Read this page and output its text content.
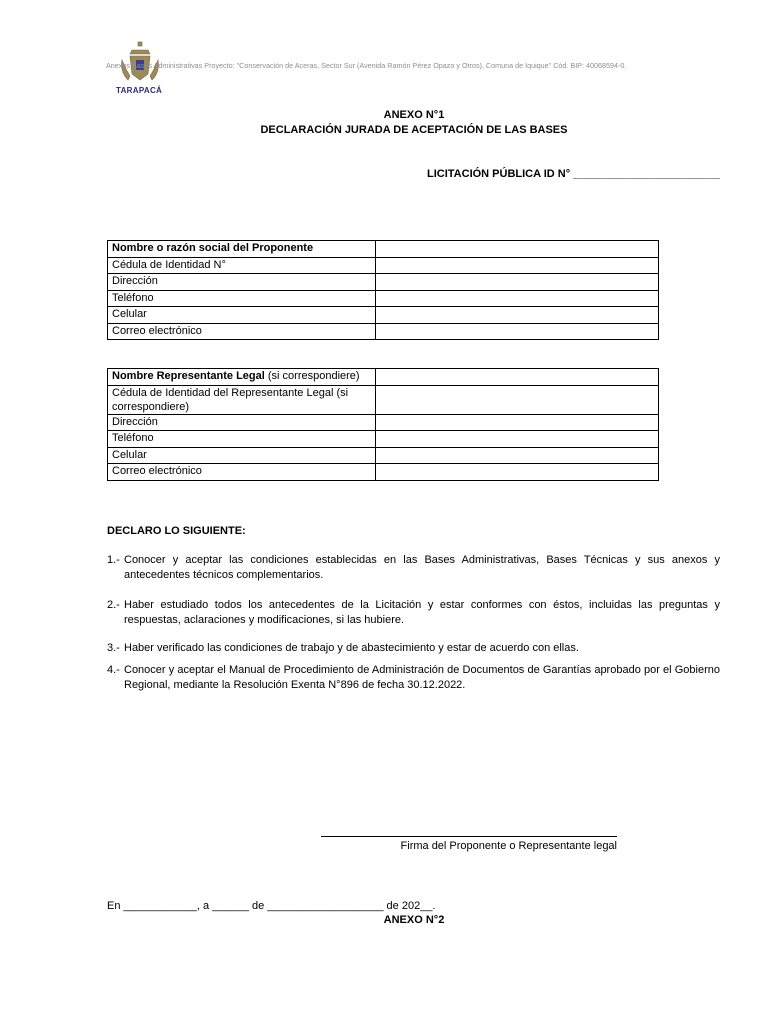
TARAPACÁ
Anexos Bases Administrativas Proyecto: "Conservación de Aceras, Sector Sur (Avenida Ramón Pérez Opazo y Otros), Comuna de Iquique" Cód. BIP: 40068594-0.
ANEXO N°1
DECLARACIÓN JURADA DE ACEPTACIÓN DE LAS BASES
LICITACIÓN PÚBLICA ID N° ________________________
Nombre o razón social del Proponente	
Cédula de Identidad N°	
Dirección	
Teléfono	
Celular	
Correo electrónico	
Nombre Representante Legal (si correspondiere)	
Cédula de Identidad del Representante Legal (si correspondiere)	
Dirección	
Teléfono	
Celular	
Correo electrónico	
DECLARO LO SIGUIENTE:
1.- Conocer y aceptar las condiciones establecidas en las Bases Administrativas, Bases Técnicas y sus anexos y antecedentes técnicos complementarios.
2.- Haber estudiado todos los antecedentes de la Licitación y estar conformes con éstos, incluidas las preguntas y respuestas, aclaraciones y modificaciones, si las hubiere.
3.- Haber verificado las condiciones de trabajo y de abastecimiento y estar de acuerdo con ellas.
4.- Conocer y aceptar el Manual de Procedimiento de Administración de Documentos de Garantías aprobado por el Gobierno Regional, mediante la Resolución Exenta N°896 de fecha 30.12.2022.
Firma del Proponente o Representante legal
En ____________, a ______ de ___________________ de 202__.
ANEXO N°2
